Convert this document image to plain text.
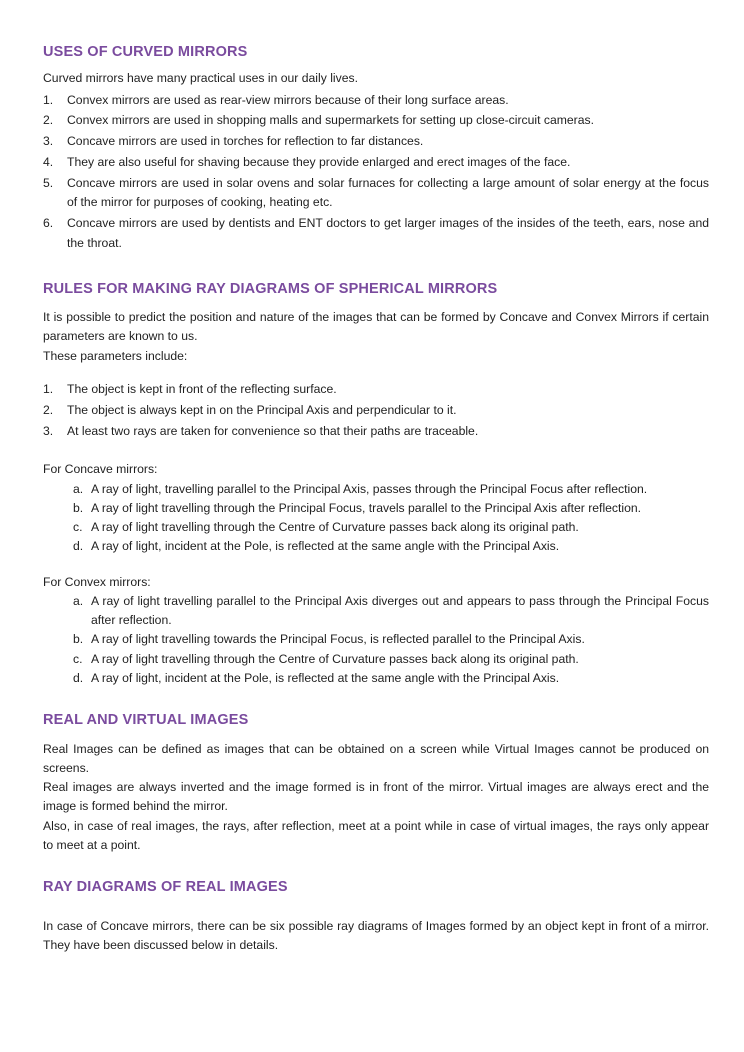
USES OF CURVED MIRRORS

Curved mirrors have many practical uses in our daily lives.

1.	Convex mirrors are used as rear-view mirrors because of their long surface areas.
2.	Convex mirrors are used in shopping malls and supermarkets for setting up close-circuit cameras.
3.	Concave mirrors are used in torches for reflection to far distances.
4.	They are also useful for shaving because they provide enlarged and erect images of the face.
5.	Concave mirrors are used in solar ovens and solar furnaces for collecting a large amount of solar energy at the focus of the mirror for purposes of cooking, heating etc.
6.	Concave mirrors are used by dentists and ENT doctors to get larger images of the insides of the teeth, ears, nose and the throat.
RULES FOR MAKING RAY DIAGRAMS OF SPHERICAL MIRRORS

It is possible to predict the position and nature of the images that can be formed by Concave and Convex Mirrors if certain parameters are known to us.

These parameters include:

1.	The object is kept in front of the reflecting surface.
2.	The object is always kept in on the Principal Axis and perpendicular to it.
3.	At least two rays are taken for convenience so that their paths are traceable.

For Concave mirrors:

a. A ray of light, travelling parallel to the Principal Axis, passes through the Principal Focus after reflection.
b. A ray of light travelling through the Principal Focus, travels parallel to the Principal Axis after reflection.
c. A ray of light travelling through the Centre of Curvature passes back along its original path.
d. A ray of light, incident at the Pole, is reflected at the same angle with the Principal Axis.

For Convex mirrors:

a. A ray of light travelling parallel to the Principal Axis diverges out and appears to pass through the Principal Focus after reflection.
b. A ray of light travelling towards the Principal Focus, is reflected parallel to the Principal Axis.
c. A ray of light travelling through the Centre of Curvature passes back along its original path.
d. A ray of light, incident at the Pole, is reflected at the same angle with the Principal Axis.
REAL AND VIRTUAL IMAGES

Real Images can be defined as images that can be obtained on a screen while Virtual Images cannot be produced on screens.

Real images are always inverted and the image formed is in front of the mirror. Virtual images are always erect and the image is formed behind the mirror.

Also, in case of real images, the rays, after reflection, meet at a point while in case of virtual images, the rays only appear to meet at a point.

RAY DIAGRAMS OF REAL IMAGES

In case of Concave mirrors, there can be six possible ray diagrams of Images formed by an object kept in front of a mirror. They have been discussed below in details.
